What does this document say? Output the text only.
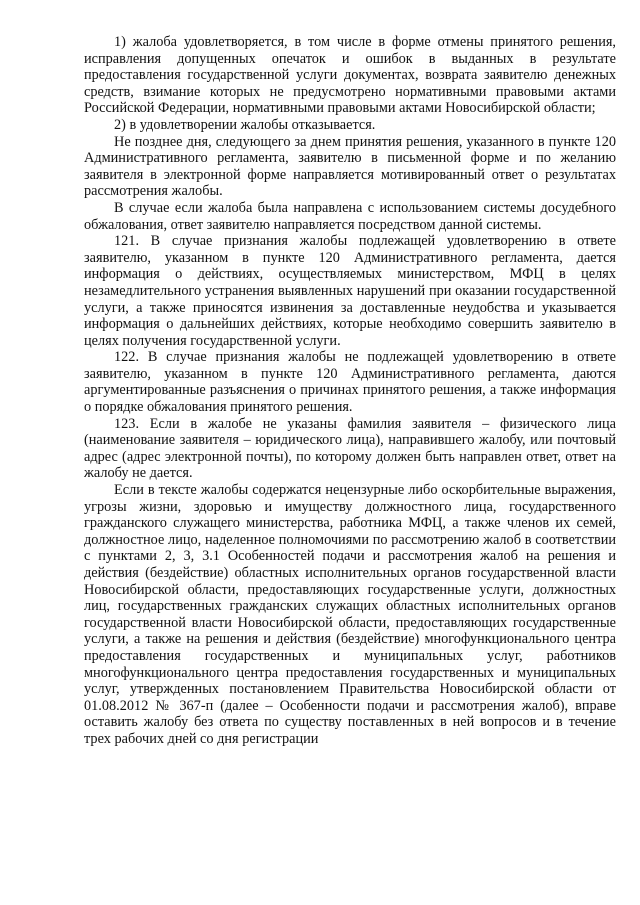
1) жалоба удовлетворяется, в том числе в форме отмены принятого решения, исправления допущенных опечаток и ошибок в выданных в результате предоставления государственной услуги документах, возврата заявителю денежных средств, взимание которых не предусмотрено нормативными правовыми актами Российской Федерации, нормативными правовыми актами Новосибирской области;

2) в удовлетворении жалобы отказывается.

Не позднее дня, следующего за днем принятия решения, указанного в пункте 120 Административного регламента, заявителю в письменной форме и по желанию заявителя в электронной форме направляется мотивированный ответ о результатах рассмотрения жалобы.

В случае если жалоба была направлена с использованием системы досудебного обжалования, ответ заявителю направляется посредством данной системы.

121. В случае признания жалобы подлежащей удовлетворению в ответе заявителю, указанном в пункте 120 Административного регламента, дается информация о действиях, осуществляемых министерством, МФЦ в целях незамедлительного устранения выявленных нарушений при оказании государственной услуги, а также приносятся извинения за доставленные неудобства и указывается информация о дальнейших действиях, которые необходимо совершить заявителю в целях получения государственной услуги.

122. В случае признания жалобы не подлежащей удовлетворению в ответе заявителю, указанном в пункте 120 Административного регламента, даются аргументированные разъяснения о причинах принятого решения, а также информация о порядке обжалования принятого решения.

123. Если в жалобе не указаны фамилия заявителя – физического лица (наименование заявителя – юридического лица), направившего жалобу, или почтовый адрес (адрес электронной почты), по которому должен быть направлен ответ, ответ на жалобу не дается.

Если в тексте жалобы содержатся нецензурные либо оскорбительные выражения, угрозы жизни, здоровью и имуществу должностного лица, государственного гражданского служащего министерства, работника МФЦ, а также членов их семей, должностное лицо, наделенное полномочиями по рассмотрению жалоб в соответствии с пунктами 2, 3, 3.1 Особенностей подачи и рассмотрения жалоб на решения и действия (бездействие) областных исполнительных органов государственной власти Новосибирской области, предоставляющих государственные услуги, должностных лиц, государственных гражданских служащих областных исполнительных органов государственной власти Новосибирской области, предоставляющих государственные услуги, а также на решения и действия (бездействие) многофункционального центра предоставления государственных и муниципальных услуг, работников многофункционального центра предоставления государственных и муниципальных услуг, утвержденных постановлением Правительства Новосибирской области от 01.08.2012 № 367-п (далее – Особенности подачи и рассмотрения жалоб), вправе оставить жалобу без ответа по существу поставленных в ней вопросов и в течение трех рабочих дней со дня регистрации
